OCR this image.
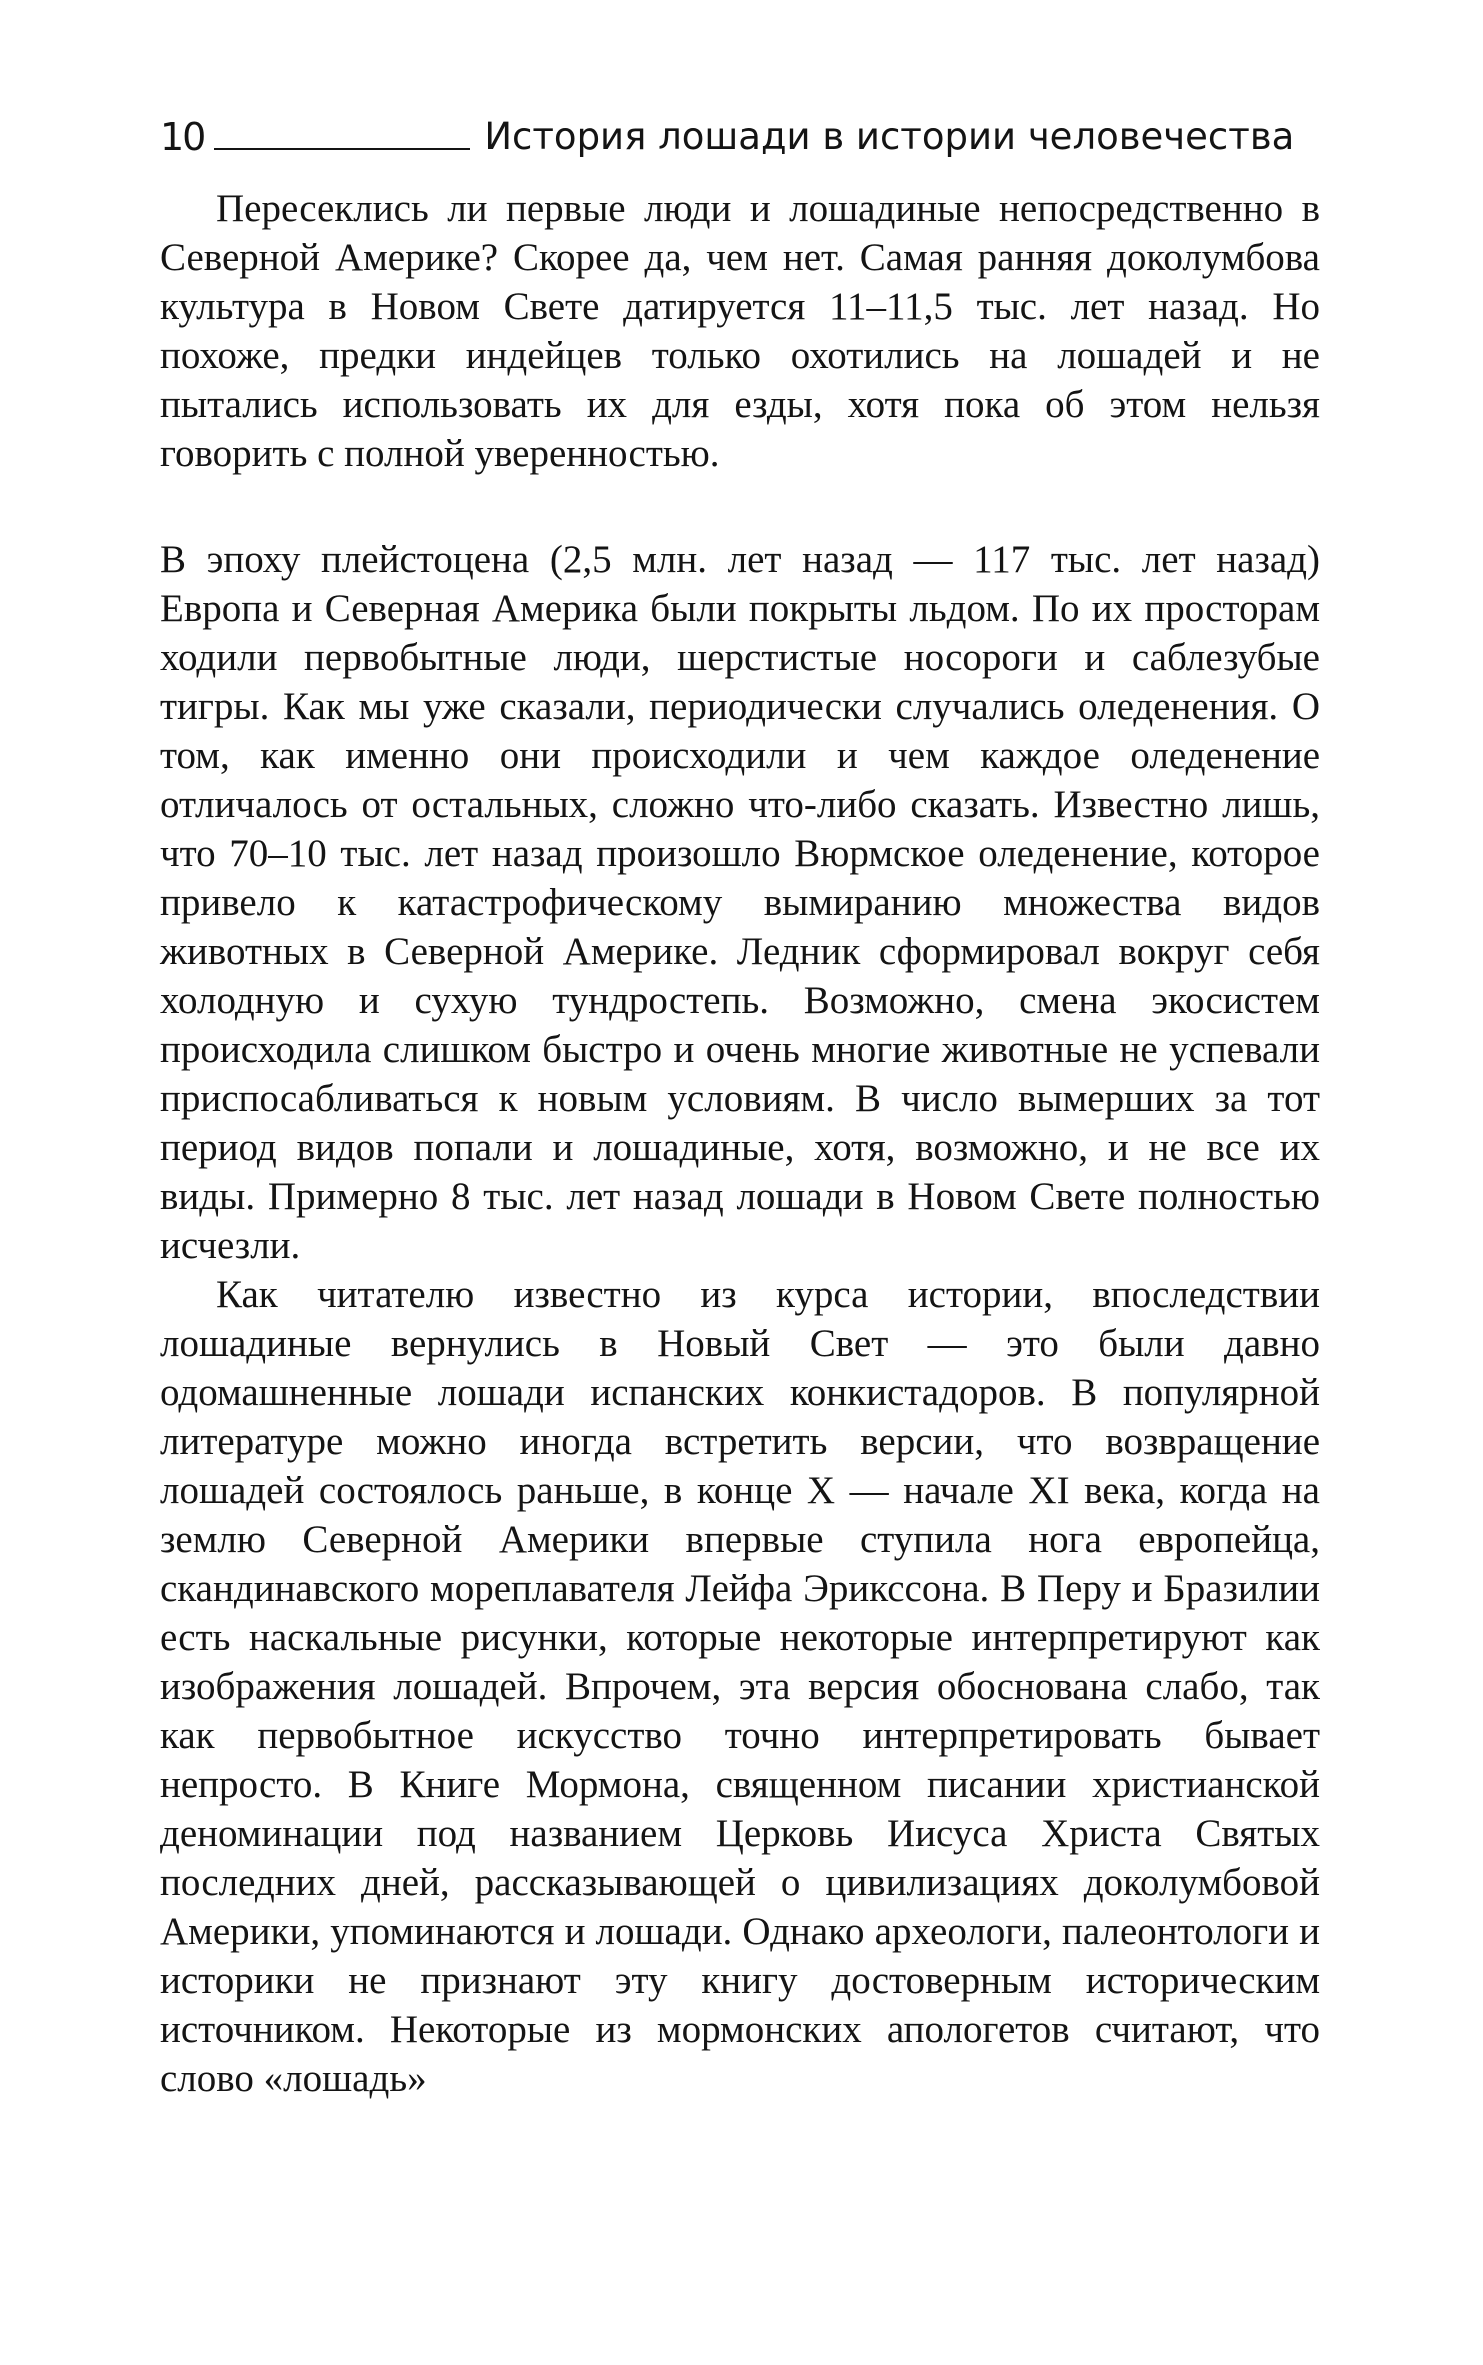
10	История лошади в истории человечества

Пересеклись ли первые люди и лошадиные непосредственно в Северной Америке? Скорее да, чем нет. Самая ранняя доколумбова культура в Новом Свете датируется 11–11,5 тыс. лет назад. Но похоже, предки индейцев только охотились на лошадей и не пытались использовать их для езды, хотя пока об этом нельзя говорить с полной уверенностью.

В эпоху плейстоцена (2,5 млн. лет назад — 117 тыс. лет назад) Европа и Северная Америка были покрыты льдом. По их просторам ходили первобытные люди, шерстистые носороги и саблезубые тигры. Как мы уже сказали, периодически случались оледенения. О том, как именно они происходили и чем каждое оледенение отличалось от остальных, сложно что-либо сказать. Известно лишь, что 70–10 тыс. лет назад произошло Вюрмское оледенение, которое привело к катастрофическому вымиранию множества видов животных в Северной Америке. Ледник сформировал вокруг себя холодную и сухую тундростепь. Возможно, смена экосистем происходила слишком быстро и очень многие животные не успевали приспосабливаться к новым условиям. В число вымерших за тот период видов попали и лошадиные, хотя, возможно, и не все их виды. Примерно 8 тыс. лет назад лошади в Новом Свете полностью исчезли.

Как читателю известно из курса истории, впоследствии лошадиные вернулись в Новый Свет — это были давно одомашненные лошади испанских конкистадоров. В популярной литературе можно иногда встретить версии, что возвращение лошадей состоялось раньше, в конце X — начале XI века, когда на землю Северной Америки впервые ступила нога европейца, скандинавского мореплавателя Лейфа Эрикссона. В Перу и Бразилии есть наскальные рисунки, которые некоторые интерпретируют как изображения лошадей. Впрочем, эта версия обоснована слабо, так как первобытное искусство точно интерпретировать бывает непросто. В Книге Мормона, священном писании христианской деноминации под названием Церковь Иисуса Христа Святых последних дней, рассказывающей о цивилизациях доколумбовой Америки, упоминаются и лошади. Однако археологи, палеонтологи и историки не признают эту книгу достоверным историческим источником. Некоторые из мормонских апологетов считают, что слово «лошадь»
